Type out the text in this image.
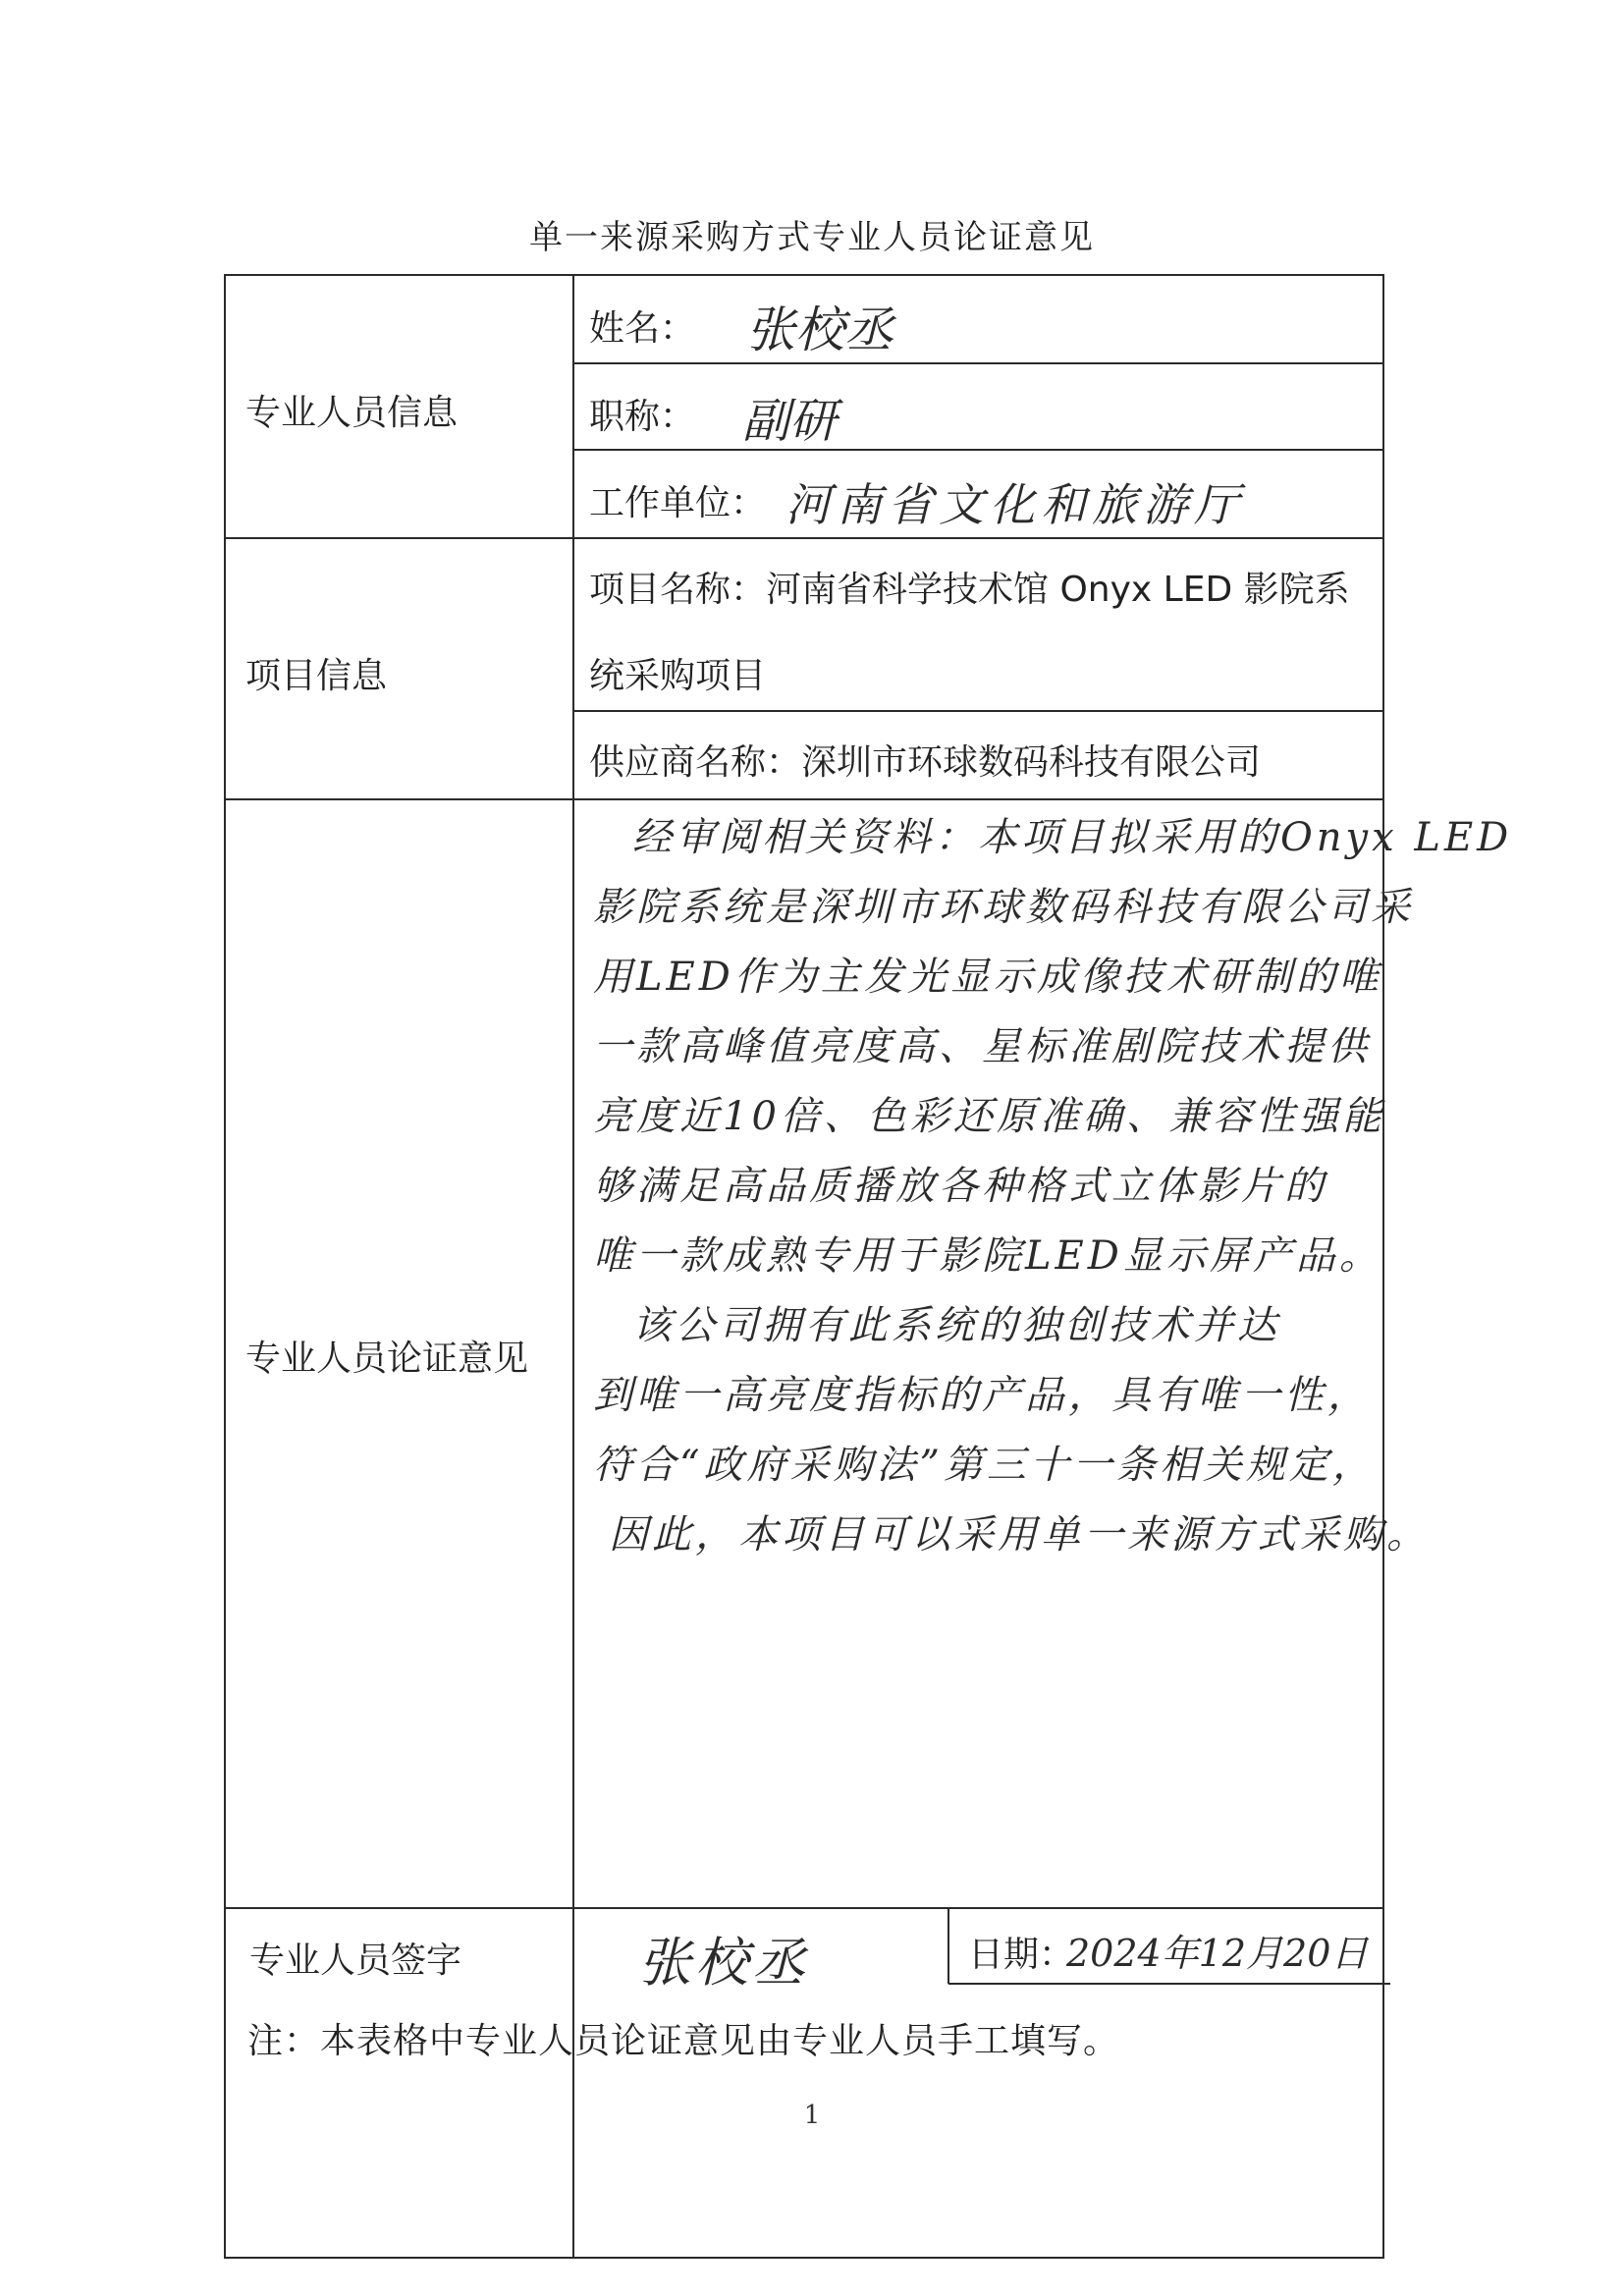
单一来源采购方式专业人员论证意见
专业人员信息
项目信息
专业人员论证意见
专业人员签字
姓名： 张校丞
职称： 副研
工作单位： 河南省文化和旅游厅
项目名称：河南省科学技术馆 Onyx LED 影院系
统采购项目
供应商名称：深圳市环球数码科技有限公司

经审阅相关资料：本项目拟采用的Onyx LED

影院系统是深圳市环球数码科技有限公司采

用LED作为主发光显示成像技术研制的唯

一款高峰值亮度高、星标准剧院技术提供

亮度近10倍、色彩还原准确、兼容性强能

够满足高品质播放各种格式立体影片的

唯一款成熟专用于影院LED显示屏产品。

该公司拥有此系统的独创技术并达

到唯一高亮度指标的产品，具有唯一性，

符合“政府采购法”第三十一条相关规定，

因此，本项目可以采用单一来源方式采购。

张校丞	日期：
2024年12月20日
注：本表格中专业人员论证意见由专业人员手工填写。
1
